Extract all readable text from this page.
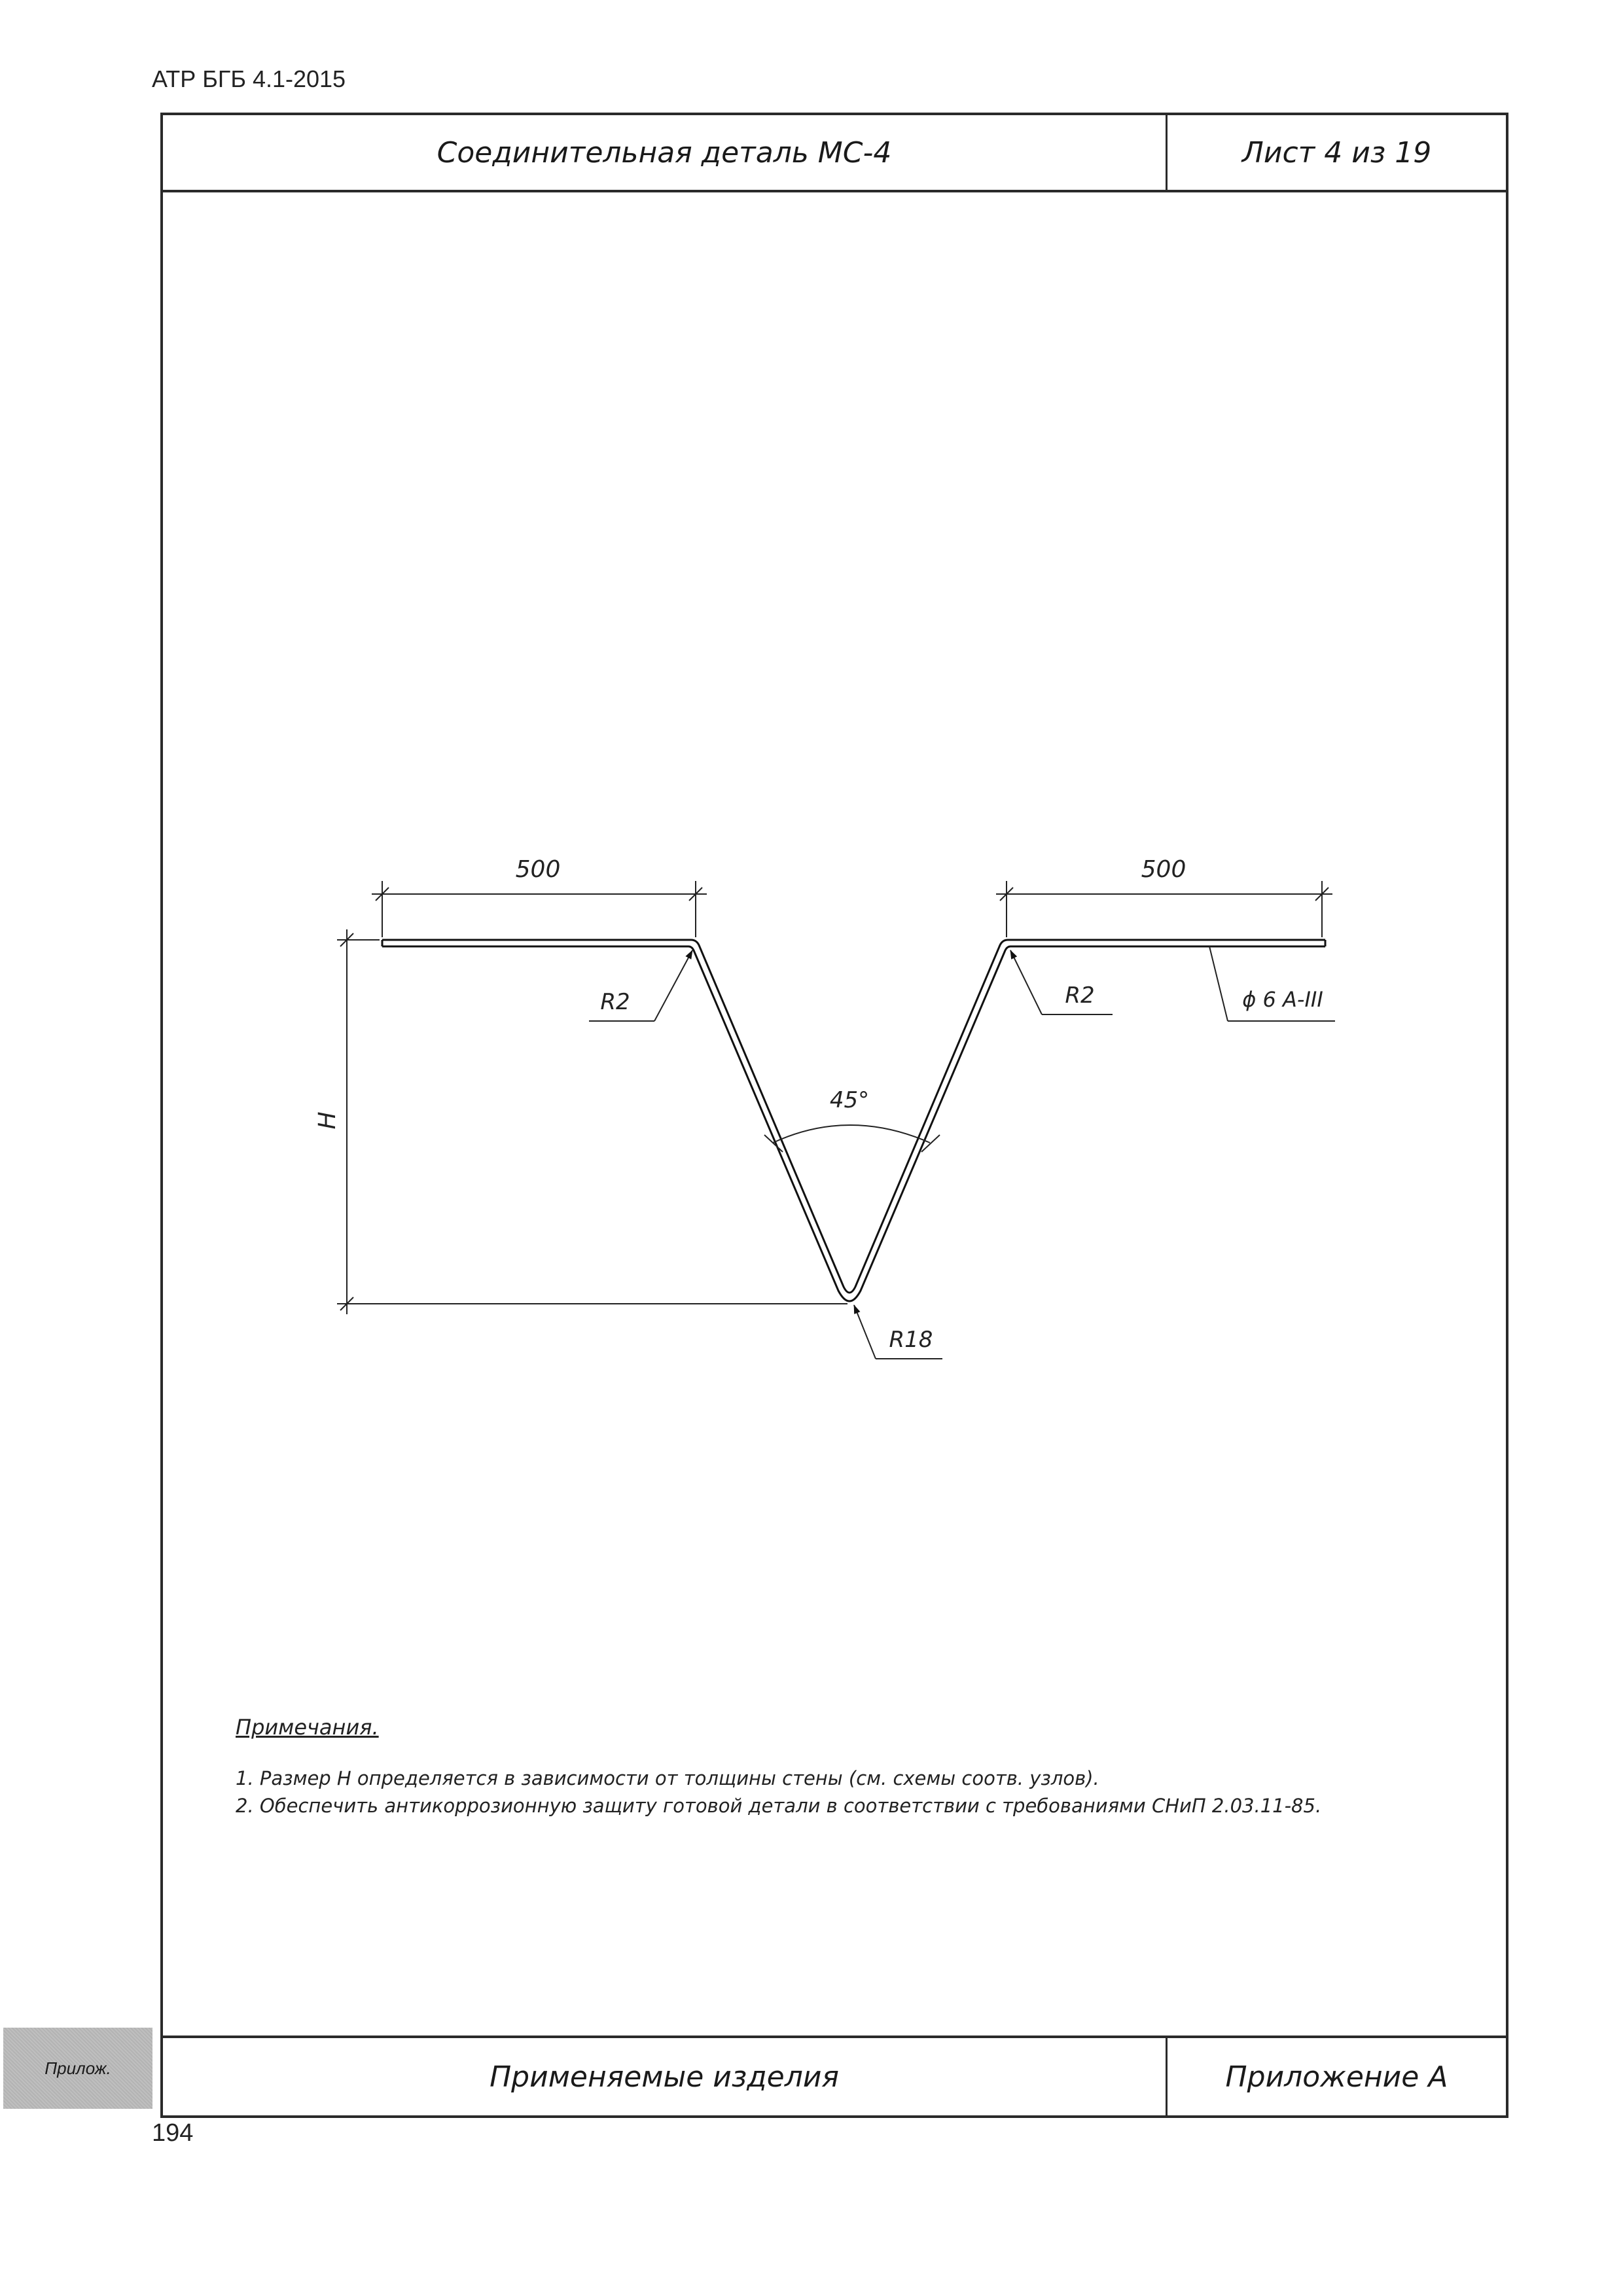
АТР БГБ 4.1-2015
Соединительная деталь МС-4	Лист 4 из 19
Применяемые изделия	Приложение А
500	500
H
45°
R2	R2
R18
ϕ 6 A-III
Примечания.
1. Размер Н определяется в зависимости от толщины стены (см. схемы соотв. узлов).
2. Обеспечить антикоррозионную защиту готовой детали в соответствии с требованиями СНиП 2.03.11-85.
Прилож.
194
